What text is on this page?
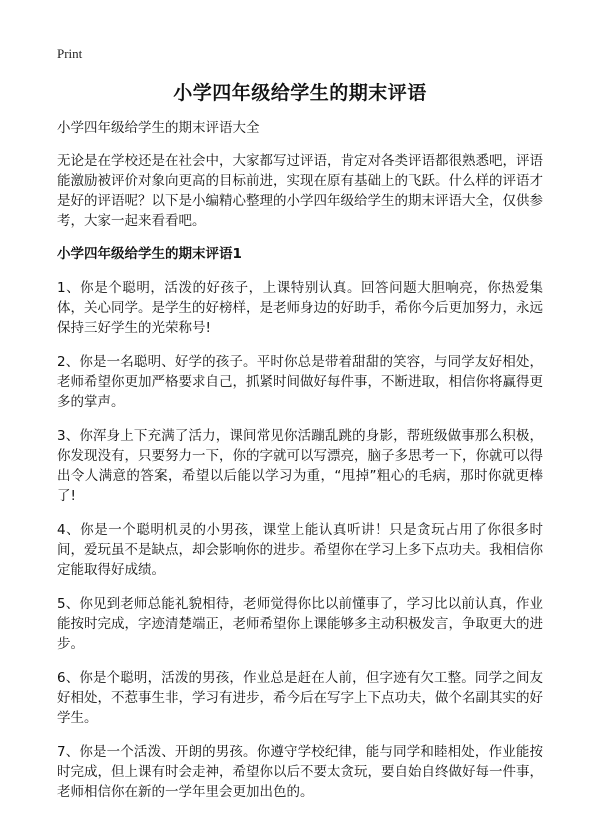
Print
小学四年级给学生的期末评语

小学四年级给学生的期末评语大全

无论是在学校还是在社会中，大家都写过评语，肯定对各类评语都很熟悉吧，评语能激励被评价对象向更高的目标前进，实现在原有基础上的飞跃。什么样的评语才是好的评语呢？以下是小编精心整理的小学四年级给学生的期末评语大全，仅供参考，大家一起来看看吧。

小学四年级给学生的期末评语1

1、你是个聪明，活泼的好孩子，上课特别认真。回答问题大胆响亮，你热爱集体，关心同学。是学生的好榜样，是老师身边的好助手，希你今后更加努力，永远保持三好学生的光荣称号!

2、你是一名聪明、好学的孩子。平时你总是带着甜甜的笑容，与同学友好相处，老师希望你更加严格要求自己，抓紧时间做好每件事，不断进取，相信你将赢得更多的掌声。

3、你浑身上下充满了活力，课间常见你活蹦乱跳的身影，帮班级做事那么积极，你发现没有，只要努力一下，你的字就可以写漂亮，脑子多思考一下，你就可以得出令人满意的答案，希望以后能以学习为重，“甩掉”粗心的毛病，那时你就更棒了!

4、你是一个聪明机灵的小男孩，课堂上能认真听讲！只是贪玩占用了你很多时间，爱玩虽不是缺点，却会影响你的进步。希望你在学习上多下点功夫。我相信你定能取得好成绩。

5、你见到老师总能礼貌相待，老师觉得你比以前懂事了，学习比以前认真，作业能按时完成，字迹清楚端正，老师希望你上课能够多主动积极发言，争取更大的进步。

6、你是个聪明，活泼的男孩，作业总是赶在人前，但字迹有欠工整。同学之间友好相处，不惹事生非，学习有进步，希今后在写字上下点功夫，做个名副其实的好学生。

7、你是一个活泼、开朗的男孩。你遵守学校纪律，能与同学和睦相处，作业能按时完成，但上课有时会走神，希望你以后不要太贪玩，要自始自终做好每一件事，老师相信你在新的一学年里会更加出色的。
